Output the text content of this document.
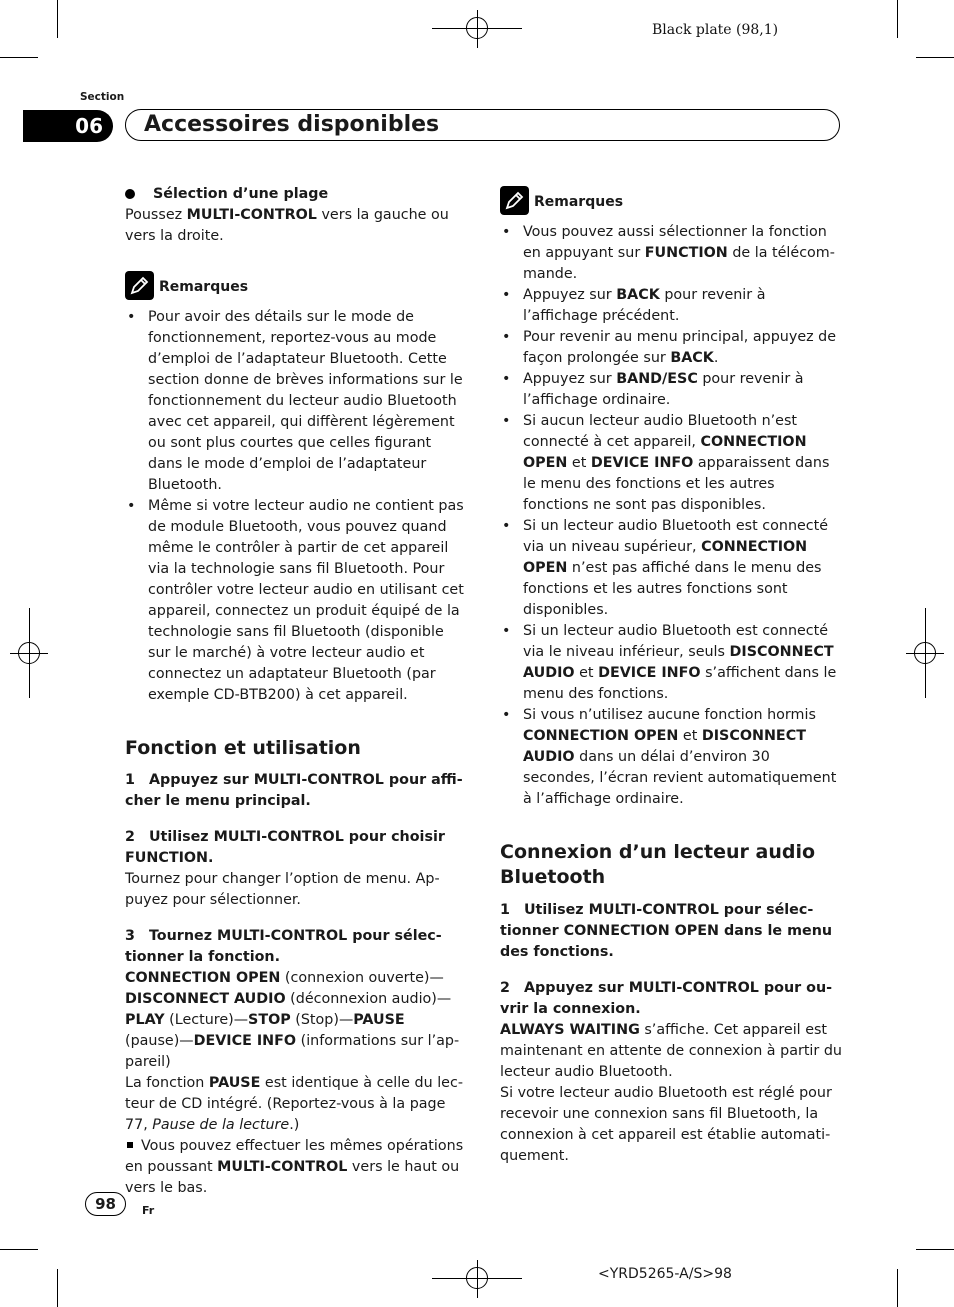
Black plate (98,1)
Section
06	Accessoires disponibles
Sélection d’une plage

Poussez MULTI-CONTROL vers la gauche ou vers la droite.

Remarques
• Pour avoir des détails sur le mode de fonctionnement, reportez-vous au mode d’emploi de l’adaptateur Bluetooth. Cette section donne de brèves informations sur le fonctionnement du lecteur audio Bluetooth avec cet appareil, qui diffèrent légèrement ou sont plus courtes que celles figurant dans le mode d’emploi de l’adaptateur Bluetooth.
• Même si votre lecteur audio ne contient pas de module Bluetooth, vous pouvez quand même le contrôler à partir de cet appareil via la technologie sans fil Bluetooth. Pour contrôler votre lecteur audio en utilisant cet appareil, connectez un produit équipé de la technologie sans fil Bluetooth (disponible sur le marché) à votre lecteur audio et connectez un adaptateur Bluetooth (par exemple CD-BTB200) à cet appareil.
Fonction et utilisation

1 Appuyez sur MULTI-CONTROL pour afficher le menu principal.

2 Utilisez MULTI-CONTROL pour choisir FUNCTION.

Tournez pour changer l’option de menu. Appuyez pour sélectionner.

3 Tournez MULTI-CONTROL pour sélectionner la fonction.

CONNECTION OPEN (connexion ouverte)—
DISCONNECT AUDIO (déconnexion audio)—
PLAY (Lecture)—STOP (Stop)—PAUSE
(pause)—DEVICE INFO (informations sur l’appareil)

La fonction PAUSE est identique à celle du lecteur de CD intégré. (Reportez-vous à la page 77, Pause de la lecture.)

Vous pouvez effectuer les mêmes opérations en poussant MULTI-CONTROL vers le haut ou vers le bas.

Remarques
• Vous pouvez aussi sélectionner la fonction en appuyant sur FUNCTION de la télécommande.
• Appuyez sur BACK pour revenir à l’affichage précédent.
• Pour revenir au menu principal, appuyez de façon prolongée sur BACK.
• Appuyez sur BAND/ESC pour revenir à l’affichage ordinaire.
• Si aucun lecteur audio Bluetooth n’est connecté à cet appareil, CONNECTION OPEN et DEVICE INFO apparaissent dans le menu des fonctions et les autres fonctions ne sont pas disponibles.
• Si un lecteur audio Bluetooth est connecté via un niveau supérieur, CONNECTION OPEN n’est pas affiché dans le menu des fonctions et les autres fonctions sont disponibles.
• Si un lecteur audio Bluetooth est connecté via le niveau inférieur, seuls DISCONNECT AUDIO et DEVICE INFO s’affichent dans le menu des fonctions.
• Si vous n’utilisez aucune fonction hormis CONNECTION OPEN et DISCONNECT AUDIO dans un délai d’environ 30 secondes, l’écran revient automatiquement à l’affichage ordinaire.
Connexion d’un lecteur audio Bluetooth

1 Utilisez MULTI-CONTROL pour sélectionner CONNECTION OPEN dans le menu des fonctions.

2 Appuyez sur MULTI-CONTROL pour ouvrir la connexion.

ALWAYS WAITING s’affiche. Cet appareil est maintenant en attente de connexion à partir du lecteur audio Bluetooth.

Si votre lecteur audio Bluetooth est réglé pour recevoir une connexion sans fil Bluetooth, la connexion à cet appareil est établie automatiquement.

98	Fr
<YRD5265-A/S>98
